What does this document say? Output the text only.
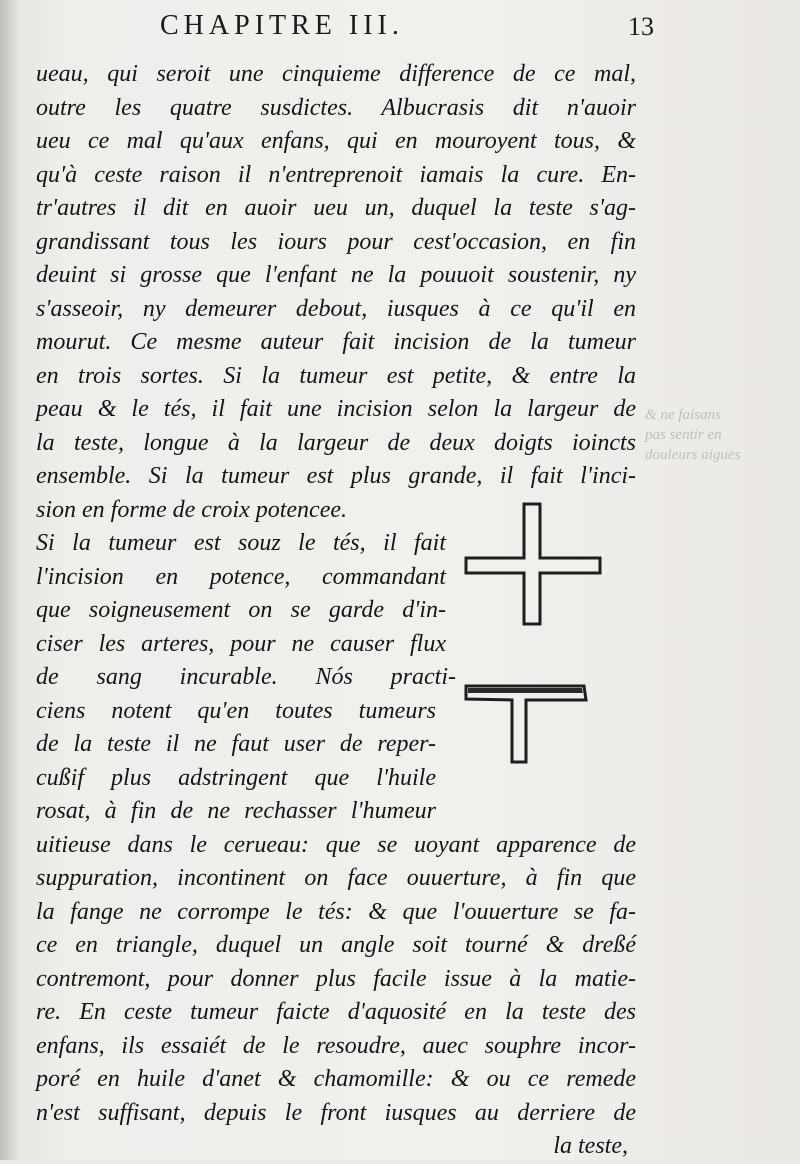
CHAPITRE III.	13
ueau, qui seroit une cinquieme difference de ce mal,
outre les quatre susdictes. Albucrasis dit n'auoir
ueu ce mal qu'aux enfans, qui en mouroyent tous, &
qu'à ceste raison il n'entreprenoit iamais la cure. En-
tr'autres il dit en auoir ueu un, duquel la teste s'ag-
grandissant tous les iours pour cest'occasion, en fin
deuint si grosse que l'enfant ne la pouuoit soustenir, ny
s'asseoir, ny demeurer debout, iusques à ce qu'il en
mourut. Ce mesme auteur fait incision de la tumeur
en trois sortes. Si la tumeur est petite, & entre la
peau & le tés, il fait une incision selon la largeur de
la teste, longue à la largeur de deux doigts ioincts
ensemble. Si la tumeur est plus grande, il fait l'inci-
sion en forme de croix potencee.
Si la tumeur est souz le tés, il fait
l'incision en potence, commandant
que soigneusement on se garde d'in-
ciser les arteres, pour ne causer flux
de sang incurable. Nós practi-
ciens notent qu'en toutes tumeurs
de la teste il ne faut user de reper-
cußif plus adstringent que l'huile
rosat, à fin de ne rechasser l'humeur
uitieuse dans le cerueau: que se uoyant apparence de
suppuration, incontinent on face ouuerture, à fin que
la fange ne corrompe le tés: & que l'ouuerture se fa-
ce en triangle, duquel un angle soit tourné & dreßé
contremont, pour donner plus facile issue à la matie-
re. En ceste tumeur faicte d'aquosité en la teste des
enfans, ils essaiét de le resoudre, auec souphre incor-
poré en huile d'anet & chamomille: & ou ce remede
n'est suffisant, depuis le front iusques au derriere de
la teste,
& ne faisans
pas sentir en
douleurs aigues
